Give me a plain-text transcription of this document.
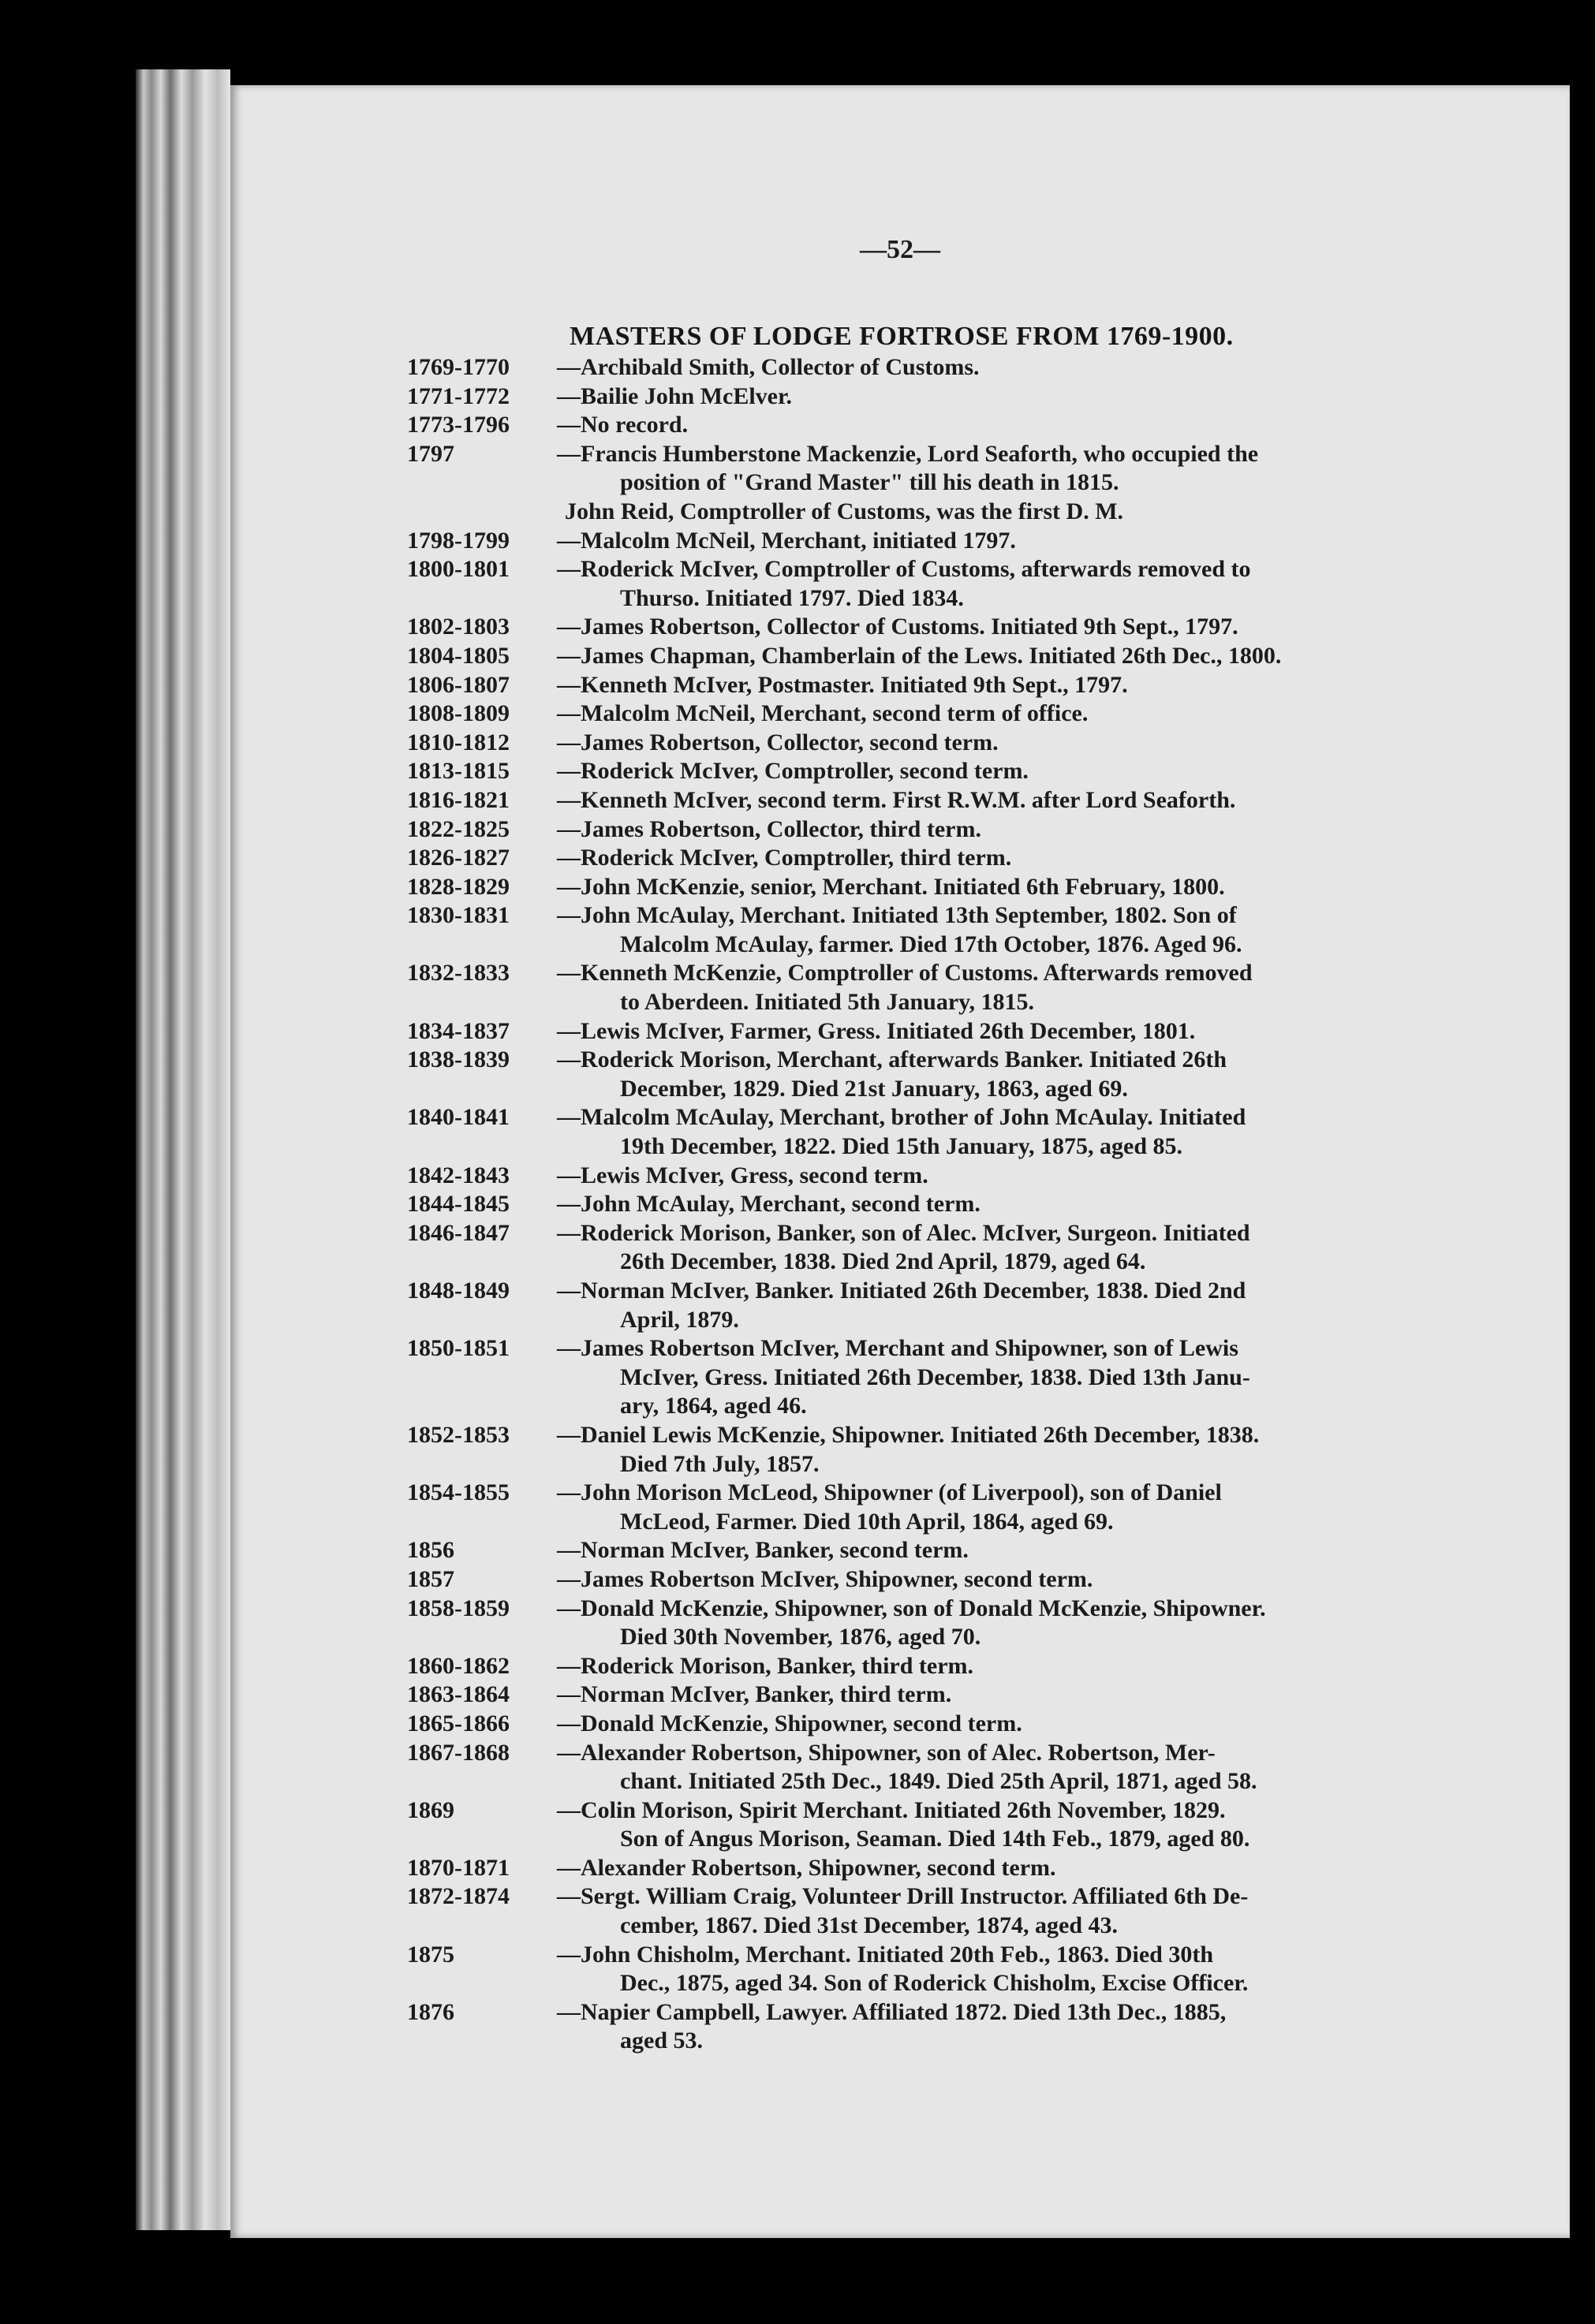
—52—
MASTERS OF LODGE FORTROSE FROM 1769-1900.
1769-1770 —Archibald Smith, Collector of Customs.
1771-1772 —Bailie John McElver.
1773-1796 —No record.
1797	—Francis Humberstone Mackenzie, Lord Seaforth, who occupied the
position of "Grand Master" till his death in 1815.
John Reid, Comptroller of Customs, was the first D. M.
1798-1799 —Malcolm McNeil, Merchant, initiated 1797.
1800-1801 —Roderick McIver, Comptroller of Customs, afterwards removed to
Thurso. Initiated 1797. Died 1834.
1802-1803 —James Robertson, Collector of Customs. Initiated 9th Sept., 1797.
1804-1805 —James Chapman, Chamberlain of the Lews. Initiated 26th Dec., 1800.
1806-1807 —Kenneth McIver, Postmaster. Initiated 9th Sept., 1797.
1808-1809 —Malcolm McNeil, Merchant, second term of office.
1810-1812 —James Robertson, Collector, second term.
1813-1815 —Roderick McIver, Comptroller, second term.
1816-1821 —Kenneth McIver, second term. First R.W.M. after Lord Seaforth.
1822-1825 —James Robertson, Collector, third term.
1826-1827 —Roderick McIver, Comptroller, third term.
1828-1829 —John McKenzie, senior, Merchant. Initiated 6th February, 1800.
1830-1831 —John McAulay, Merchant. Initiated 13th September, 1802. Son of
Malcolm McAulay, farmer. Died 17th October, 1876. Aged 96.
1832-1833 —Kenneth McKenzie, Comptroller of Customs. Afterwards removed
to Aberdeen. Initiated 5th January, 1815.
1834-1837 —Lewis McIver, Farmer, Gress. Initiated 26th December, 1801.
1838-1839 —Roderick Morison, Merchant, afterwards Banker. Initiated 26th
December, 1829. Died 21st January, 1863, aged 69.
1840-1841 —Malcolm McAulay, Merchant, brother of John McAulay. Initiated
19th December, 1822. Died 15th January, 1875, aged 85.
1842-1843 —Lewis McIver, Gress, second term.
1844-1845 —John McAulay, Merchant, second term.
1846-1847 —Roderick Morison, Banker, son of Alec. McIver, Surgeon. Initiated
26th December, 1838. Died 2nd April, 1879, aged 64.
1848-1849 —Norman McIver, Banker. Initiated 26th December, 1838. Died 2nd
April, 1879.
1850-1851 —James Robertson McIver, Merchant and Shipowner, son of Lewis
McIver, Gress. Initiated 26th December, 1838. Died 13th Janu-
ary, 1864, aged 46.
1852-1853 —Daniel Lewis McKenzie, Shipowner. Initiated 26th December, 1838.
Died 7th July, 1857.
1854-1855 —John Morison McLeod, Shipowner (of Liverpool), son of Daniel
McLeod, Farmer. Died 10th April, 1864, aged 69.
1856	—Norman McIver, Banker, second term.
1857	—James Robertson McIver, Shipowner, second term.
1858-1859 —Donald McKenzie, Shipowner, son of Donald McKenzie, Shipowner.
Died 30th November, 1876, aged 70.
1860-1862 —Roderick Morison, Banker, third term.
1863-1864 —Norman McIver, Banker, third term.
1865-1866 —Donald McKenzie, Shipowner, second term.
1867-1868 —Alexander Robertson, Shipowner, son of Alec. Robertson, Mer-
chant. Initiated 25th Dec., 1849. Died 25th April, 1871, aged 58.
1869	—Colin Morison, Spirit Merchant. Initiated 26th November, 1829.
Son of Angus Morison, Seaman. Died 14th Feb., 1879, aged 80.
1870-1871 —Alexander Robertson, Shipowner, second term.
1872-1874 —Sergt. William Craig, Volunteer Drill Instructor. Affiliated 6th De-
cember, 1867. Died 31st December, 1874, aged 43.
1875	—John Chisholm, Merchant. Initiated 20th Feb., 1863. Died 30th
Dec., 1875, aged 34. Son of Roderick Chisholm, Excise Officer.
1876	—Napier Campbell, Lawyer. Affiliated 1872. Died 13th Dec., 1885,
aged 53.
